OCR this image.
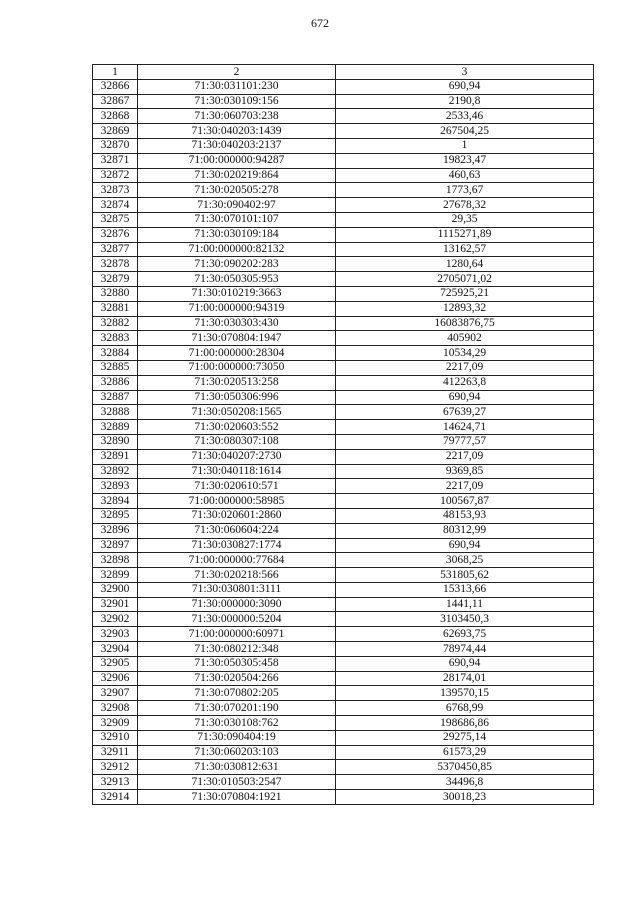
672
1	2	3
32866	71:30:031101:230	690,94
32867	71:30:030109:156	2190,8
32868	71:30:060703:238	2533,46
32869	71:30:040203:1439	267504,25
32870	71:30:040203:2137	1
32871	71:00:000000:94287	19823,47
32872	71:30:020219:864	460,63
32873	71:30:020505:278	1773,67
32874	71:30:090402:97	27678,32
32875	71:30:070101:107	29,35
32876	71:30:030109:184	1115271,89
32877	71:00:000000:82132	13162,57
32878	71:30:090202:283	1280,64
32879	71:30:050305:953	2705071,02
32880	71:30:010219:3663	725925,21
32881	71:00:000000:94319	12893,32
32882	71:30:030303:430	16083876,75
32883	71:30:070804:1947	405902
32884	71:00:000000:28304	10534,29
32885	71:00:000000:73050	2217,09
32886	71:30:020513:258	412263,8
32887	71:30:050306:996	690,94
32888	71:30:050208:1565	67639,27
32889	71:30:020603:552	14624,71
32890	71:30:080307:108	79777,57
32891	71:30:040207:2730	2217,09
32892	71:30:040118:1614	9369,85
32893	71:30:020610:571	2217,09
32894	71:00:000000:58985	100567,87
32895	71:30:020601:2860	48153,93
32896	71:30:060604:224	80312,99
32897	71:30:030827:1774	690,94
32898	71:00:000000:77684	3068,25
32899	71:30:020218:566	531805,62
32900	71:30:030801:3111	15313,66
32901	71:30:000000:3090	1441,11
32902	71:30:000000:5204	3103450,3
32903	71:00:000000:60971	62693,75
32904	71:30:080212:348	78974,44
32905	71:30:050305:458	690,94
32906	71:30:020504:266	28174,01
32907	71:30:070802:205	139570,15
32908	71:30:070201:190	6768,99
32909	71:30:030108:762	198686,86
32910	71:30:090404:19	29275,14
32911	71:30:060203:103	61573,29
32912	71:30:030812:631	5370450,85
32913	71:30:010503:2547	34496,8
32914	71:30:070804:1921	30018,23
